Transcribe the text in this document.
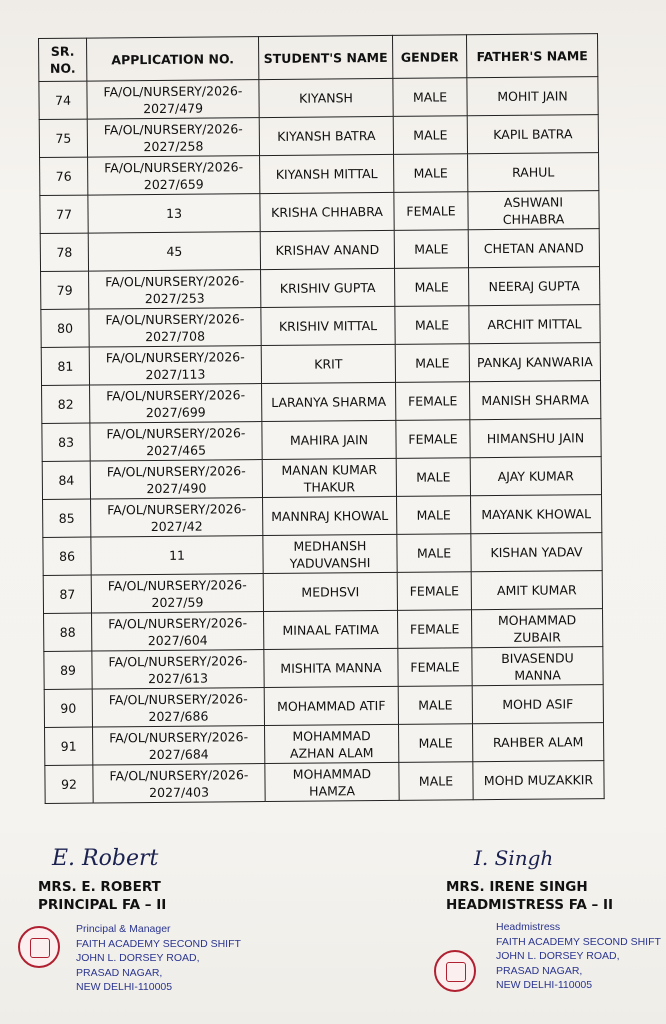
SR. NO.	APPLICATION NO.	STUDENT'S NAME	GENDER	FATHER'S NAME
74	FA/OL/NURSERY/2026-2027/479	KIYANSH	MALE	MOHIT JAIN
75	FA/OL/NURSERY/2026-2027/258	KIYANSH BATRA	MALE	KAPIL BATRA
76	FA/OL/NURSERY/2026-2027/659	KIYANSH MITTAL	MALE	RAHUL
77	13	KRISHA CHHABRA	FEMALE	ASHWANI CHHABRA
78	45	KRISHAV ANAND	MALE	CHETAN ANAND
79	FA/OL/NURSERY/2026-2027/253	KRISHIV GUPTA	MALE	NEERAJ GUPTA
80	FA/OL/NURSERY/2026-2027/708	KRISHIV MITTAL	MALE	ARCHIT MITTAL
81	FA/OL/NURSERY/2026-2027/113	KRIT	MALE	PANKAJ KANWARIA
82	FA/OL/NURSERY/2026-2027/699	LARANYA SHARMA	FEMALE	MANISH SHARMA
83	FA/OL/NURSERY/2026-2027/465	MAHIRA JAIN	FEMALE	HIMANSHU JAIN
84	FA/OL/NURSERY/2026-2027/490	MANAN KUMAR THAKUR	MALE	AJAY KUMAR
85	FA/OL/NURSERY/2026-2027/42	MANNRAJ KHOWAL	MALE	MAYANK KHOWAL
86	11	MEDHANSH YADUVANSHI	MALE	KISHAN YADAV
87	FA/OL/NURSERY/2026-2027/59	MEDHSVI	FEMALE	AMIT KUMAR
88	FA/OL/NURSERY/2026-2027/604	MINAAL FATIMA	FEMALE	MOHAMMAD ZUBAIR
89	FA/OL/NURSERY/2026-2027/613	MISHITA MANNA	FEMALE	BIVASENDU MANNA
90	FA/OL/NURSERY/2026-2027/686	MOHAMMAD ATIF	MALE	MOHD ASIF
91	FA/OL/NURSERY/2026-2027/684	MOHAMMAD AZHAN ALAM	MALE	RAHBER ALAM
92	FA/OL/NURSERY/2026-2027/403	MOHAMMAD HAMZA	MALE	MOHD MUZAKKIR
E. Robert
MRS. E. ROBERT
PRINCIPAL FA – II
Principal & Manager
FAITH ACADEMY SECOND SHIFT
JOHN L. DORSEY ROAD,
PRASAD NAGAR,
NEW DELHI-110005
I. Singh
MRS. IRENE SINGH
HEADMISTRESS FA – II
Headmistress
FAITH ACADEMY SECOND SHIFT
JOHN L. DORSEY ROAD,
PRASAD NAGAR,
NEW DELHI-110005
